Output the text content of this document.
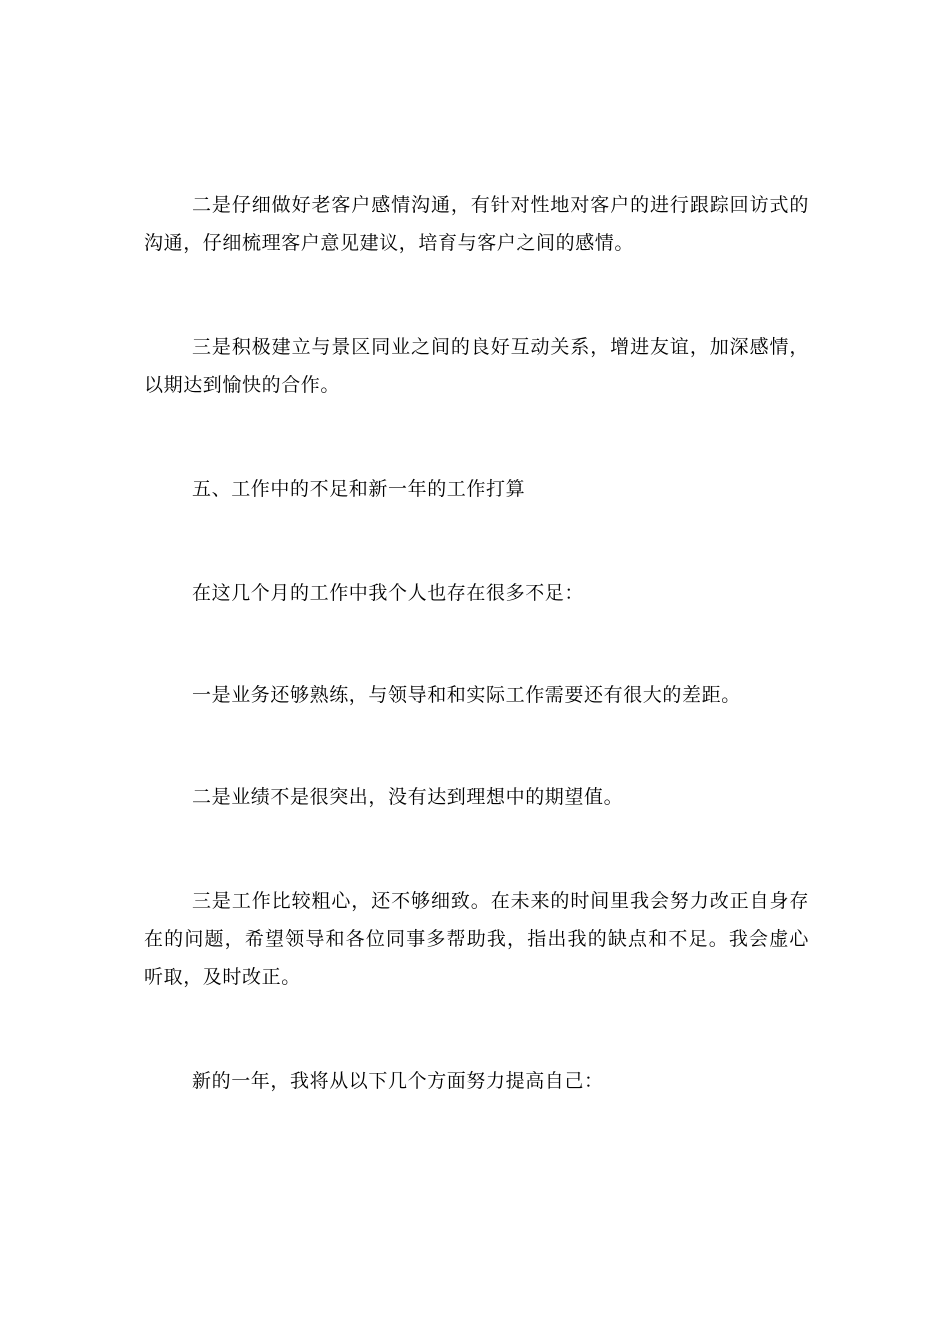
二是仔细做好老客户感情沟通，有针对性地对客户的进行跟踪回访式的沟通，仔细梳理客户意见建议，培育与客户之间的感情。

三是积极建立与景区同业之间的良好互动关系，增进友谊，加深感情，以期达到愉快的合作。

五、工作中的不足和新一年的工作打算

在这几个月的工作中我个人也存在很多不足：

一是业务还够熟练，与领导和和实际工作需要还有很大的差距。

二是业绩不是很突出，没有达到理想中的期望值。

三是工作比较粗心，还不够细致。在未来的时间里我会努力改正自身存在的问题，希望领导和各位同事多帮助我，指出我的缺点和不足。我会虚心听取，及时改正。

新的一年，我将从以下几个方面努力提高自己：
